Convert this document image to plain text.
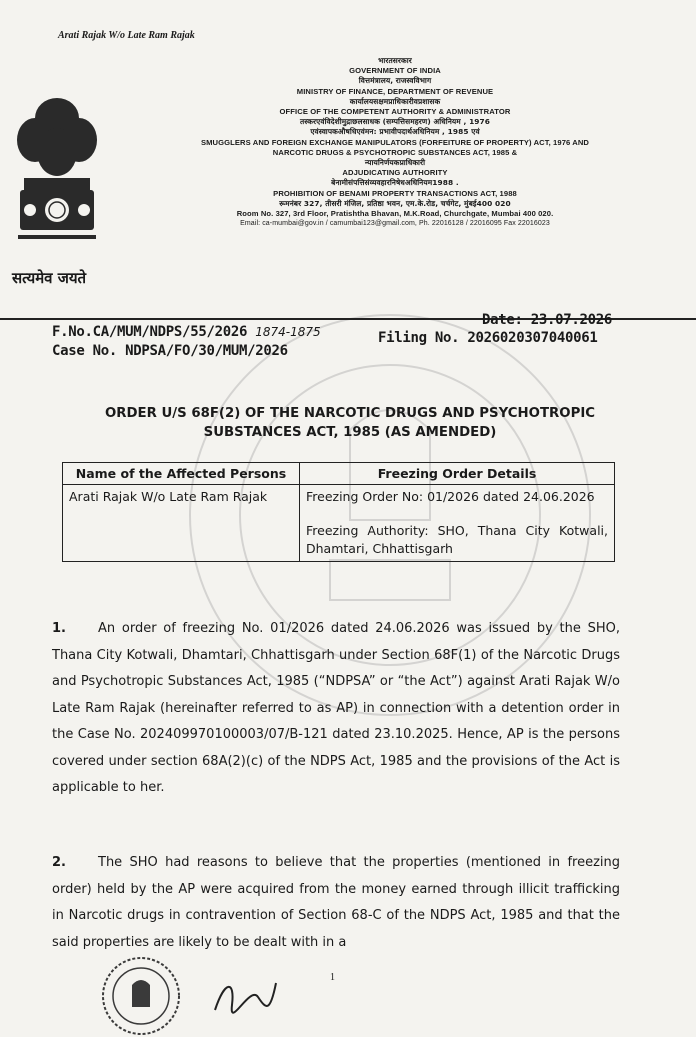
Arati Rajak W/o Late Ram Rajak
सत्यमेव जयते
भारतसरकार
GOVERNMENT OF INDIA
वित्तमंत्रालय, राजस्वविभाग
MINISTRY OF FINANCE, DEPARTMENT OF REVENUE
कार्यालयसक्षमप्राधिकारीवप्रशासक
OFFICE OF THE COMPETENT AUTHORITY & ADMINISTRATOR
तस्करएवंविदेशीमुद्राछलसाधक (सम्पत्तिसमहरण) अधिनियम , 1976
एवंस्वापकऔषधिएवंमन: प्रभावीपदार्थअधिनियम , 1985 एवं
SMUGGLERS AND FOREIGN EXCHANGE MANIPULATORS (FORFEITURE OF PROPERTY) ACT, 1976 AND
NARCOTIC DRUGS & PSYCHOTROPIC SUBSTANCES ACT, 1985 &
न्यायनिर्णयकप्राधिकारी
ADJUDICATING AUTHORITY
बेनामीसंपत्तिसंव्यवहारनिषेधअधिनियम1988 .
PROHIBITION OF BENAMI PROPERTY TRANSACTIONS ACT, 1988
रूमनंबर 327, तीसरी मंजिल, प्रतिष्ठा भवन, एम.के.रोड, चर्चगेट, मुंबई400 020
Room No. 327, 3rd Floor, Pratishtha Bhavan, M.K.Road, Churchgate, Mumbai 400 020.
Email: ca-mumbai@gov.in / camumbai123@gmail.com, Ph. 22016128 / 22016095 Fax 22016023
F.No.CA/MUM/NDPS/55/2026 1874-1875
Date: 23.07.2026
Case No. NDPSA/FO/30/MUM/2026
Filing No. 2026020307040061
ORDER U/S 68F(2) OF THE NARCOTIC DRUGS AND PSYCHOTROPIC
SUBSTANCES ACT, 1985 (AS AMENDED)
Name of the Affected Persons	Freezing Order Details
Arati Rajak W/o Late Ram Rajak	Freezing Order No: 01/2026 dated 24.06.2026
Freezing Authority: SHO, Thana City Kotwali, Dhamtari, Chhattisgarh
1. An order of freezing No. 01/2026 dated 24.06.2026 was issued by the SHO, Thana City Kotwali, Dhamtari, Chhattisgarh under Section 68F(1) of the Narcotic Drugs and Psychotropic Substances Act, 1985 (“NDPSA” or “the Act”) against Arati Rajak W/o Late Ram Rajak (hereinafter referred to as AP) in connection with a detention order in the Case No. 202409970100003/07/B-121 dated 23.10.2025. Hence, AP is the persons covered under section 68A(2)(c) of the NDPS Act, 1985 and the provisions of the Act is applicable to her.
2. The SHO had reasons to believe that the properties (mentioned in freezing order) held by the AP were acquired from the money earned through illicit trafficking in Narcotic drugs in contravention of Section 68-C of the NDPS Act, 1985 and that the said properties are likely to be dealt with in a
1
